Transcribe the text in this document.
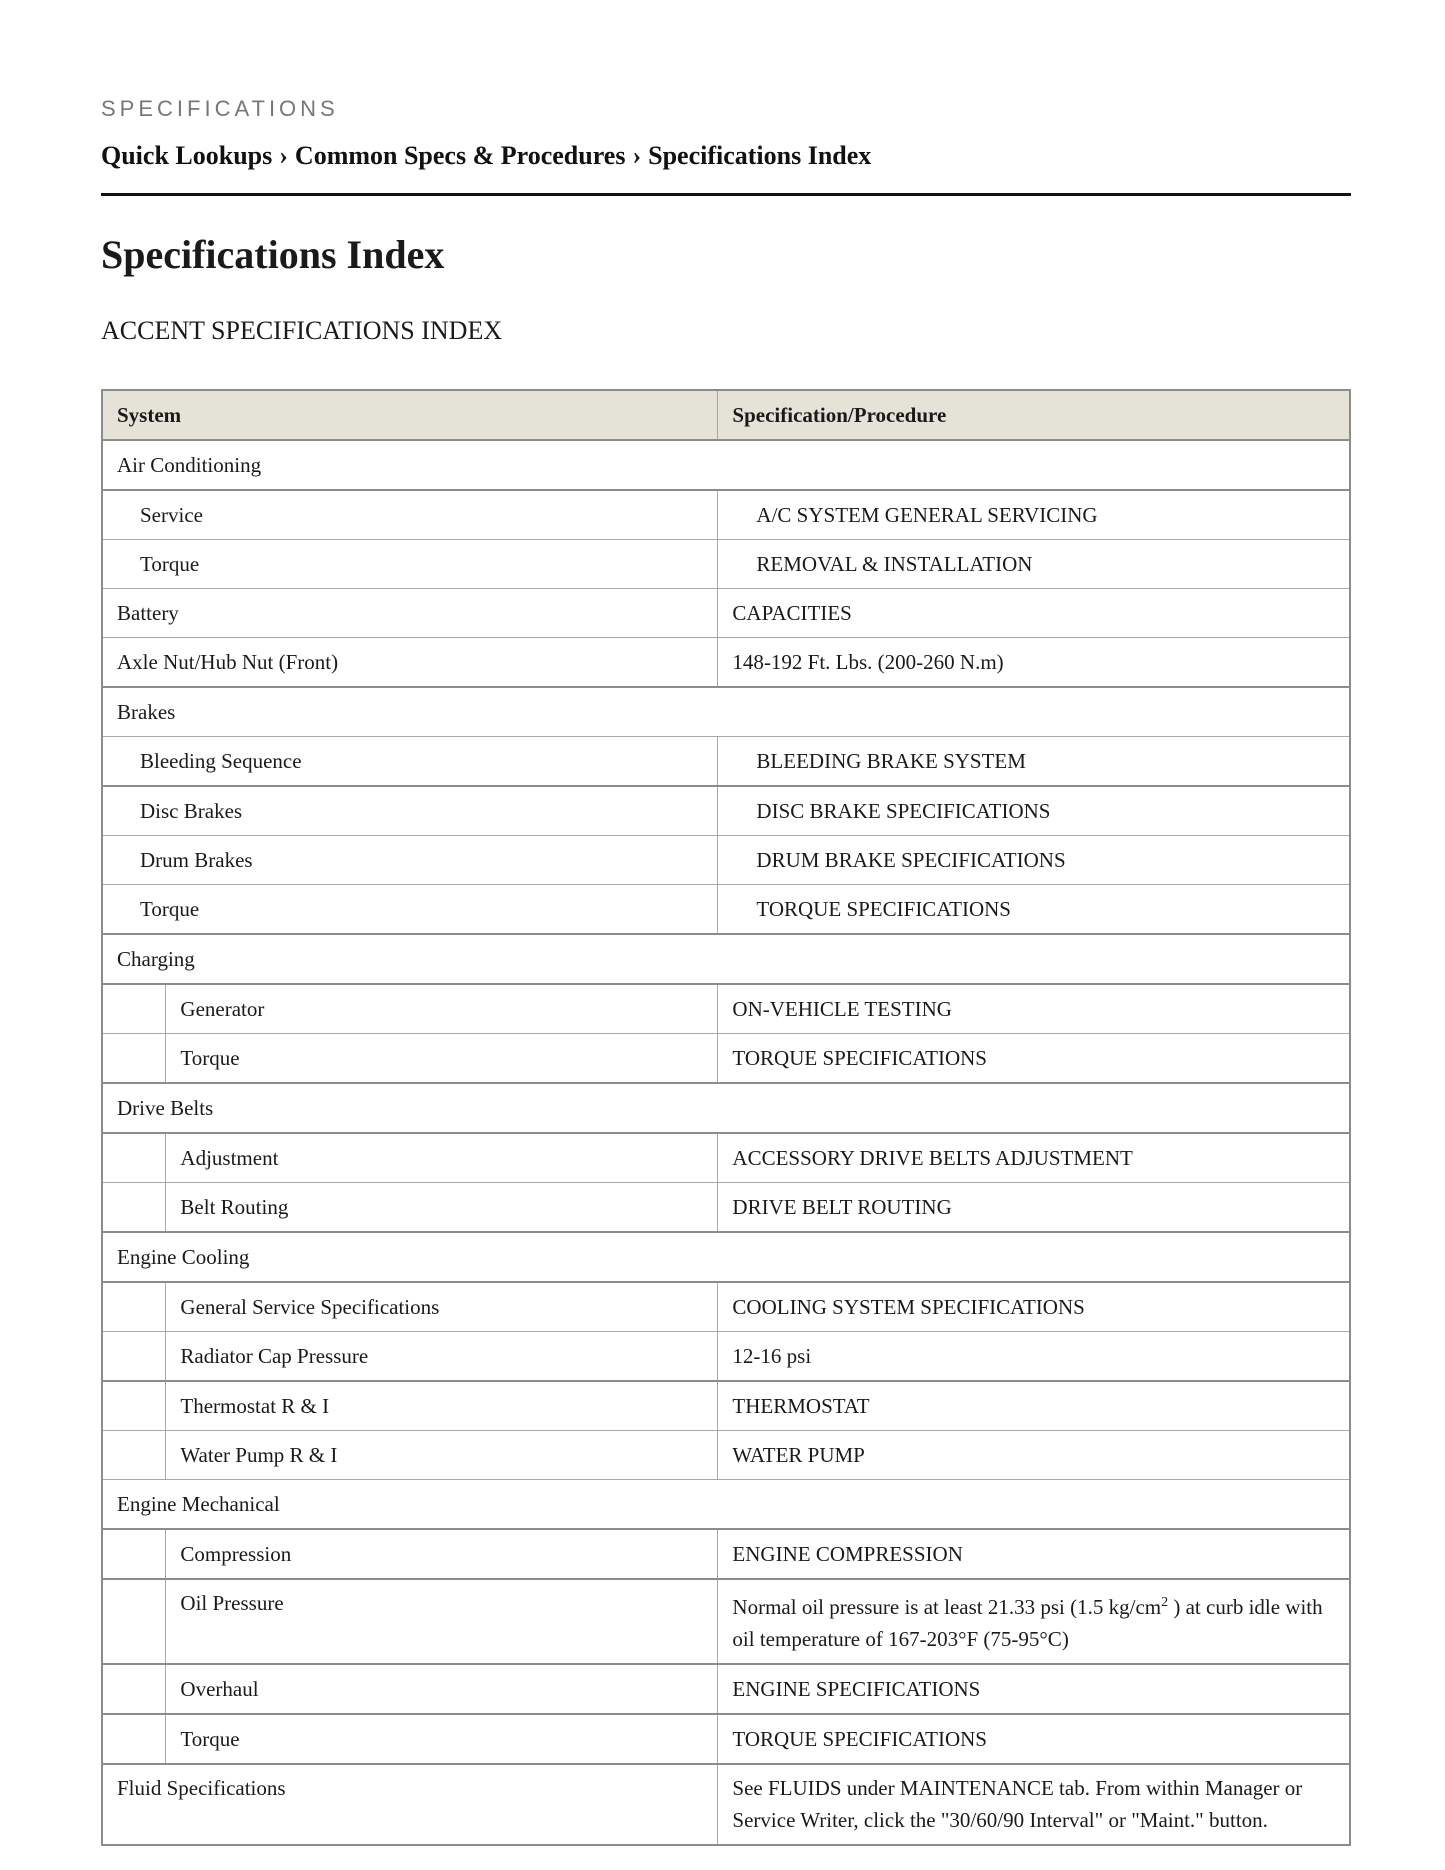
SPECIFICATIONS
Quick Lookups › Common Specs & Procedures › Specifications Index
Specifications Index
ACCENT SPECIFICATIONS INDEX
System		Specification/Procedure
Air Conditioning		
Service		A/C SYSTEM GENERAL SERVICING
Torque		REMOVAL & INSTALLATION
Battery		CAPACITIES
Axle Nut/Hub Nut (Front)		148-192 Ft. Lbs. (200-260 N.m)
Brakes		
Bleeding Sequence		BLEEDING BRAKE SYSTEM
Disc Brakes		DISC BRAKE SPECIFICATIONS
Drum Brakes		DRUM BRAKE SPECIFICATIONS
Torque		TORQUE SPECIFICATIONS
Charging		
	Generator	ON-VEHICLE TESTING
	Torque	TORQUE SPECIFICATIONS
Drive Belts		
	Adjustment	ACCESSORY DRIVE BELTS ADJUSTMENT
	Belt Routing	DRIVE BELT ROUTING
Engine Cooling		
	General Service Specifications	COOLING SYSTEM SPECIFICATIONS
	Radiator Cap Pressure	12-16 psi
	Thermostat R & I	THERMOSTAT
	Water Pump R & I	WATER PUMP
Engine Mechanical		
	Compression	ENGINE COMPRESSION
	Oil Pressure	Normal oil pressure is at least 21.33 psi (1.5 $kg/cm^2$ ) at curb idle with oil temperature of 167-203°F (75-95°C)
	Overhaul	ENGINE SPECIFICATIONS
	Torque	TORQUE SPECIFICATIONS
Fluid Specifications		See FLUIDS under MAINTENANCE tab. From within Manager or Service Writer, click the "30/60/90 Interval" or "Maint." button.
